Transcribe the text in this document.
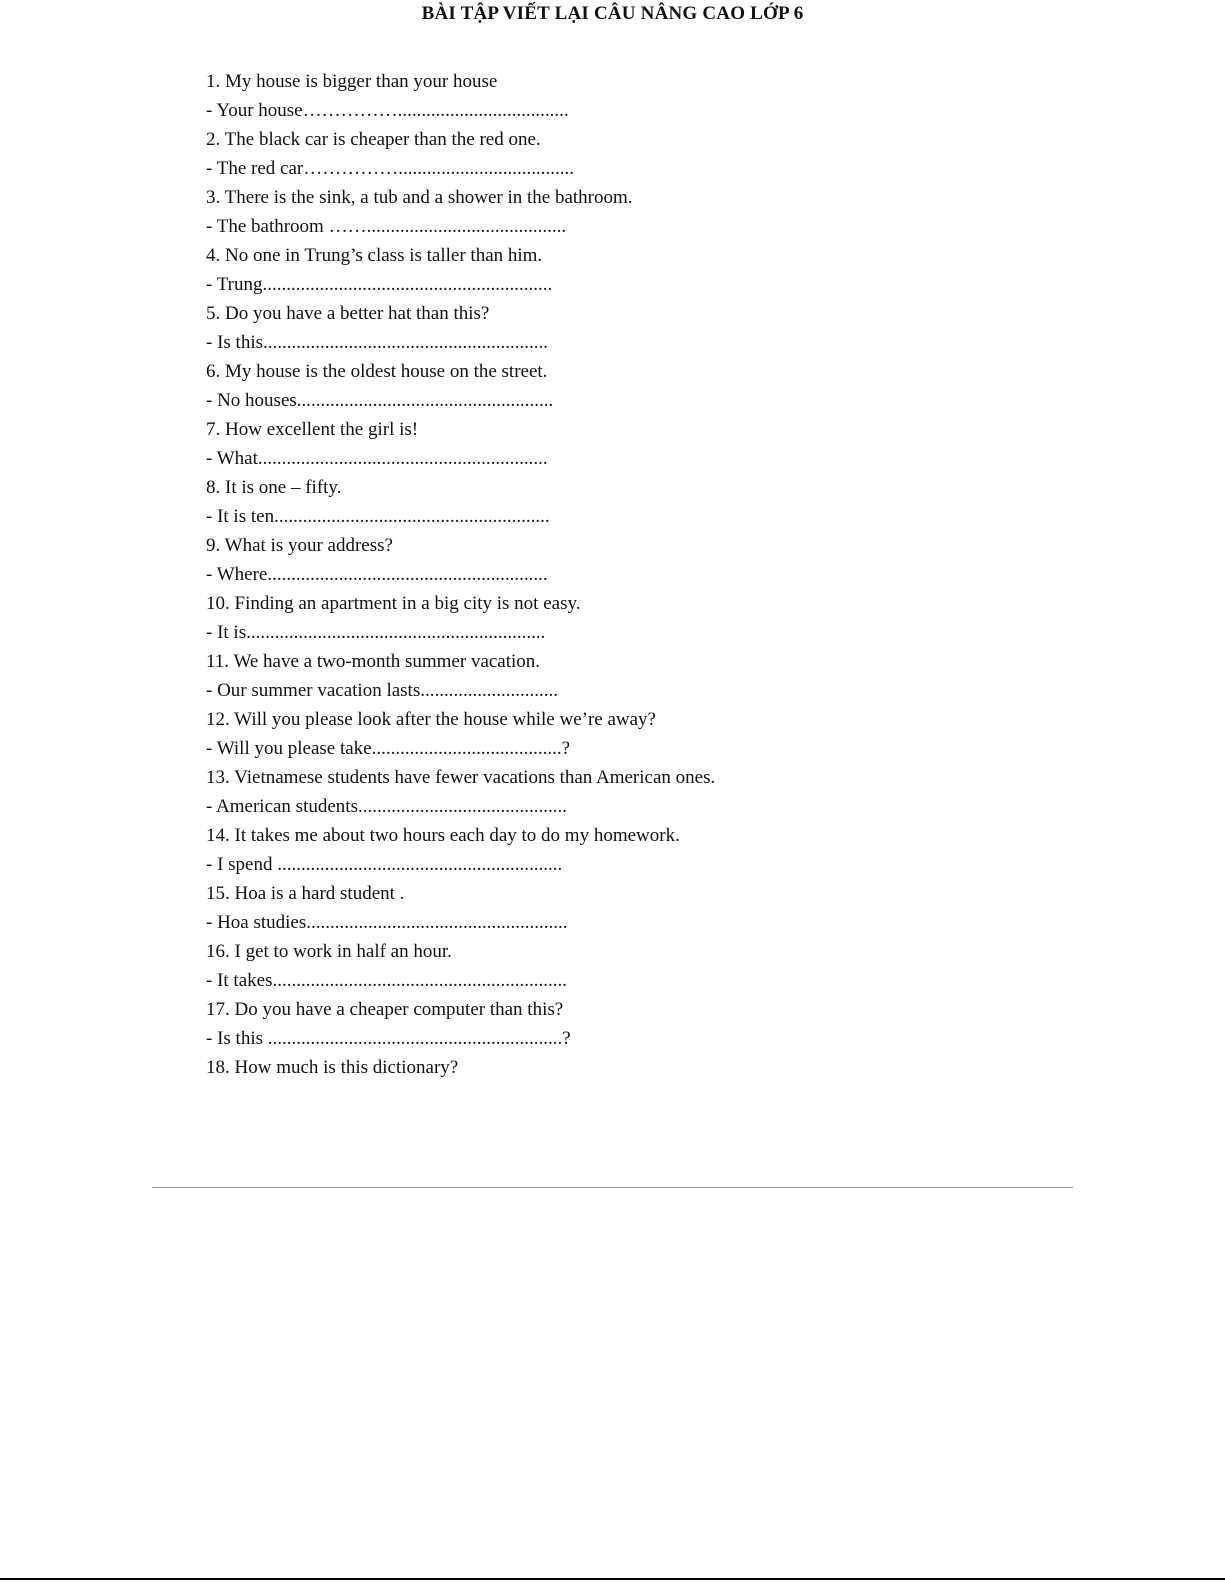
BÀI TẬP VIẾT LẠI CÂU NÂNG CAO LỚP 6
1. My house is bigger than your house
- Your house……………....................................
2. The black car is cheaper than the red one.
- The red car…………….....................................
3. There is the sink, a tub and a shower in the bathroom.
- The bathroom ……..........................................
4. No one in Trung’s class is taller than him.
- Trung.............................................................
5. Do you have a better hat than this?
- Is this............................................................
6. My house is the oldest house on the street.
- No houses......................................................
7. How excellent the girl is!
- What.............................................................
8. It is one – fifty.
- It is ten..........................................................
9. What is your address?
- Where...........................................................
10. Finding an apartment in a big city is not easy.
- It is...............................................................
11. We have a two-month summer vacation.
- Our summer vacation lasts.............................
12. Will you please look after the house while we’re away?
- Will you please take........................................?
13. Vietnamese students have fewer vacations than American ones.
- American students............................................
14. It takes me about two hours each day to do my homework.
- I spend ............................................................
15. Hoa is a hard student .
- Hoa studies.......................................................
16. I get to work in half an hour.
- It takes..............................................................
17. Do you have a cheaper computer than this?
- Is this ..............................................................?
18. How much is this dictionary?
